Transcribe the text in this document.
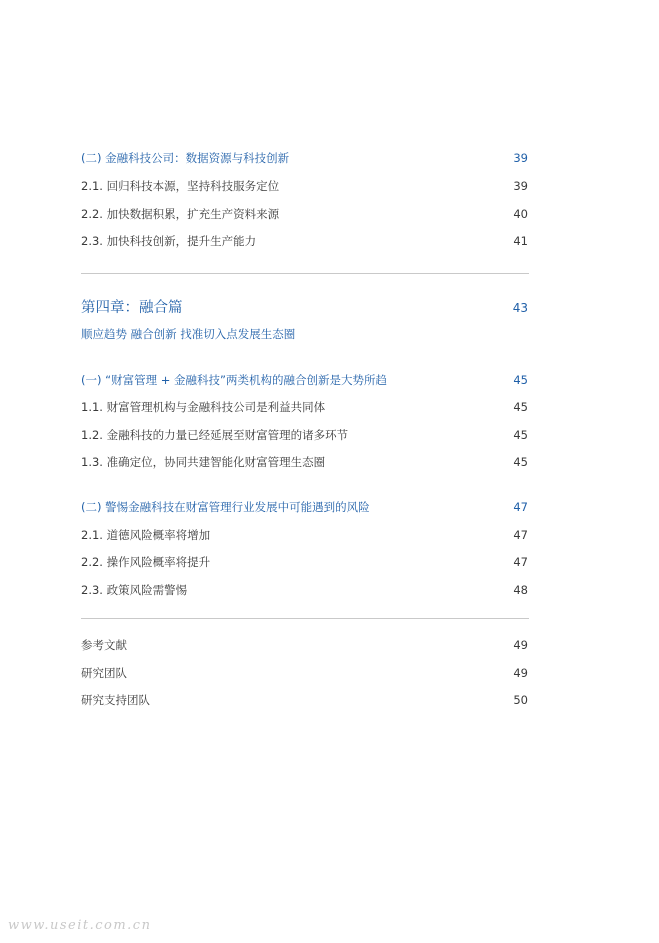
(二) 金融科技公司：数据资源与科技创新	39
2.1. 回归科技本源，坚持科技服务定位	39
2.2. 加快数据积累，扩充生产资料来源	40
2.3. 加快科技创新，提升生产能力	41
第四章：融合篇	43
顺应趋势 融合创新 找准切入点发展生态圈
(一) “财富管理 + 金融科技”两类机构的融合创新是大势所趋	45
1.1. 财富管理机构与金融科技公司是利益共同体	45
1.2. 金融科技的力量已经延展至财富管理的诸多环节	45
1.3. 准确定位，协同共建智能化财富管理生态圈	45
(二) 警惕金融科技在财富管理行业发展中可能遇到的风险	47
2.1. 道德风险概率将增加	47
2.2. 操作风险概率将提升	47
2.3. 政策风险需警惕	48
参考文献	49
研究团队	49
研究支持团队	50
www.useit.com.cn
